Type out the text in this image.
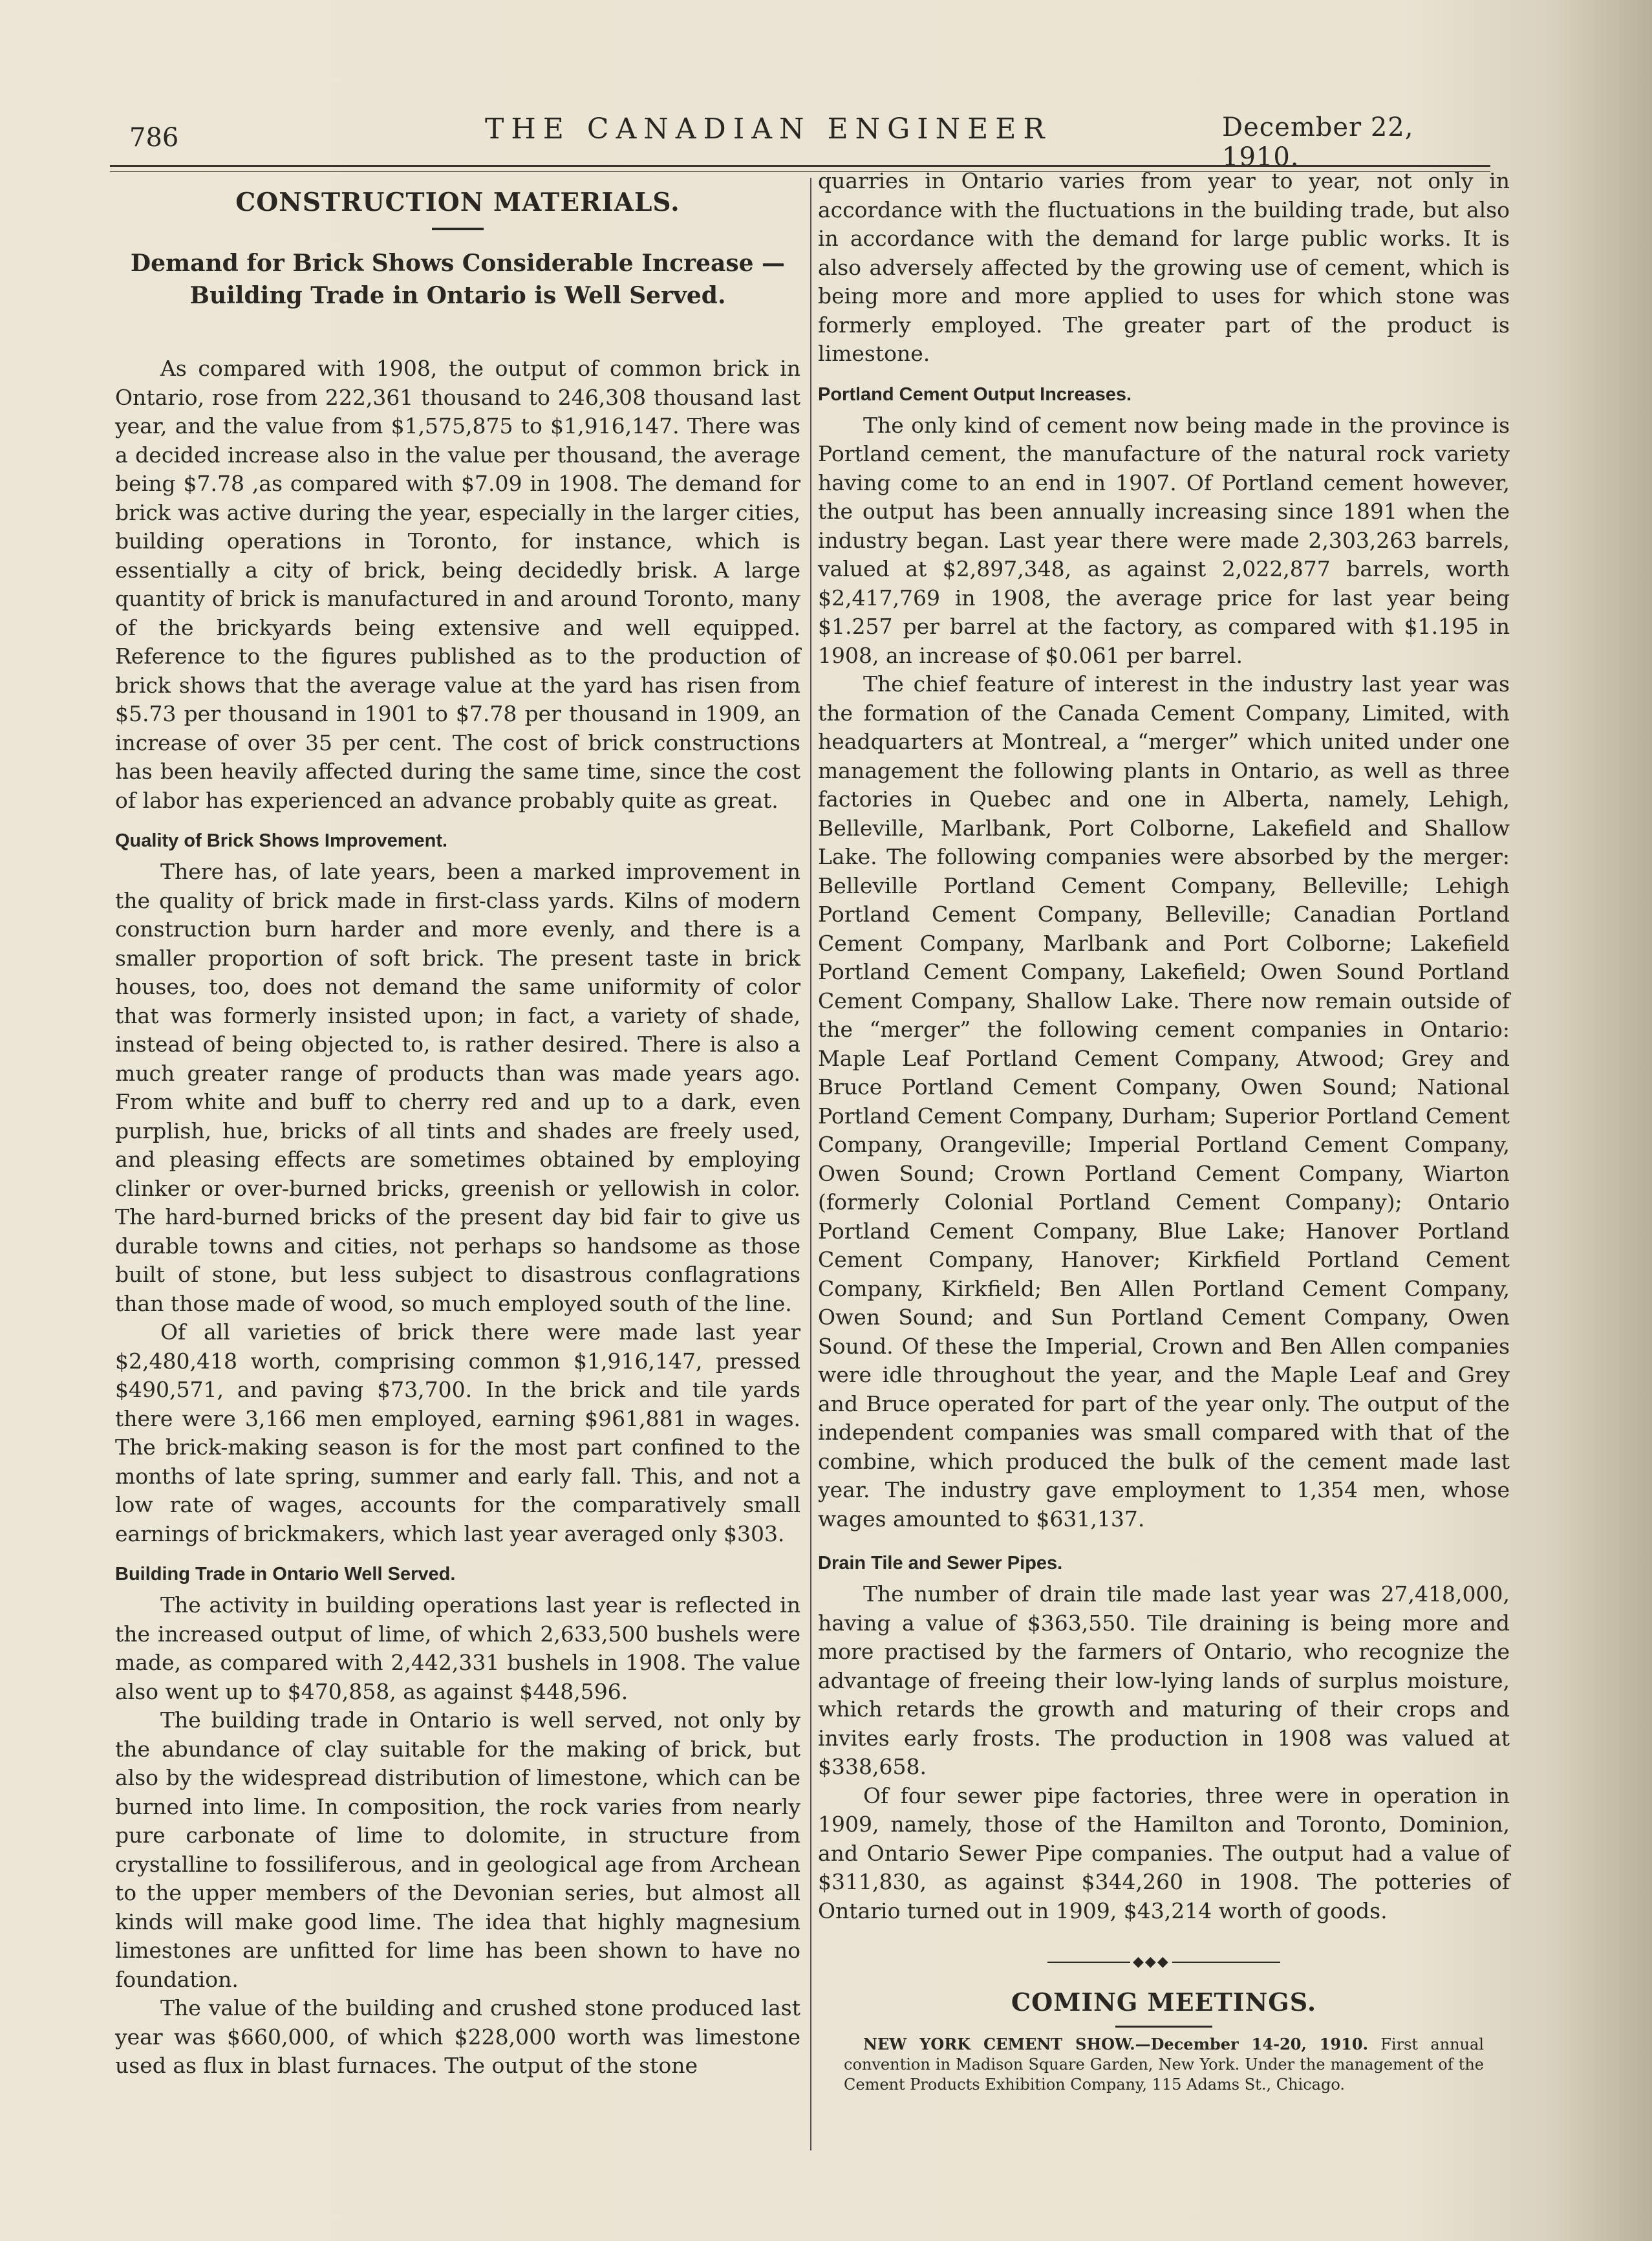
786	THE CANADIAN ENGINEER	December 22, 1910.
CONSTRUCTION MATERIALS.
Demand for Brick Shows Considerable Increase —
Building Trade in Ontario is Well Served.

As compared with 1908, the output of common brick in Ontario, rose from 222,361 thousand to 246,308 thousand last year, and the value from $1,575,875 to $1,916,147. There was a decided increase also in the value per thousand, the average being $7.78 ,as compared with $7.09 in 1908. The demand for brick was active during the year, especially in the larger cities, building operations in Toronto, for instance, which is essentially a city of brick, being decidedly brisk. A large quantity of brick is manufactured in and around Toronto, many of the brickyards being extensive and well equipped. Reference to the figures published as to the production of brick shows that the average value at the yard has risen from $5.73 per thousand in 1901 to $7.78 per thousand in 1909, an increase of over 35 per cent. The cost of brick constructions has been heavily affected during the same time, since the cost of labor has experienced an advance probably quite as great.

Quality of Brick Shows Improvement.

There has, of late years, been a marked improvement in the quality of brick made in first-class yards. Kilns of modern construction burn harder and more evenly, and there is a smaller proportion of soft brick. The present taste in brick houses, too, does not demand the same uniformity of color that was formerly insisted upon; in fact, a variety of shade, instead of being objected to, is rather desired. There is also a much greater range of products than was made years ago. From white and buff to cherry red and up to a dark, even purplish, hue, bricks of all tints and shades are freely used, and pleasing effects are sometimes obtained by employing clinker or over-burned bricks, greenish or yellowish in color. The hard-burned bricks of the present day bid fair to give us durable towns and cities, not perhaps so handsome as those built of stone, but less subject to disastrous conflagrations than those made of wood, so much employed south of the line.

Of all varieties of brick there were made last year $2,480,418 worth, comprising common $1,916,147, pressed $490,571, and paving $73,700. In the brick and tile yards there were 3,166 men employed, earning $961,881 in wages. The brick-making season is for the most part confined to the months of late spring, summer and early fall. This, and not a low rate of wages, accounts for the comparatively small earnings of brickmakers, which last year averaged only $303.

Building Trade in Ontario Well Served.

The activity in building operations last year is reflected in the increased output of lime, of which 2,633,500 bushels were made, as compared with 2,442,331 bushels in 1908. The value also went up to $470,858, as against $448,596.

The building trade in Ontario is well served, not only by the abundance of clay suitable for the making of brick, but also by the widespread distribution of limestone, which can be burned into lime. In composition, the rock varies from nearly pure carbonate of lime to dolomite, in structure from crystalline to fossiliferous, and in geological age from Archean to the upper members of the Devonian series, but almost all kinds will make good lime. The idea that highly magnesium limestones are unfitted for lime has been shown to have no foundation.

The value of the building and crushed stone produced last year was $660,000, of which $228,000 worth was limestone used as flux in blast furnaces. The output of the stone

quarries in Ontario varies from year to year, not only in accordance with the fluctuations in the building trade, but also in accordance with the demand for large public works. It is also adversely affected by the growing use of cement, which is being more and more applied to uses for which stone was formerly employed. The greater part of the product is limestone.

Portland Cement Output Increases.

The only kind of cement now being made in the province is Portland cement, the manufacture of the natural rock variety having come to an end in 1907. Of Portland cement however, the output has been annually increasing since 1891 when the industry began. Last year there were made 2,303,263 barrels, valued at $2,897,348, as against 2,022,877 barrels, worth $2,417,769 in 1908, the average price for last year being $1.257 per barrel at the factory, as compared with $1.195 in 1908, an increase of $0.061 per barrel.

The chief feature of interest in the industry last year was the formation of the Canada Cement Company, Limited, with headquarters at Montreal, a “merger” which united under one management the following plants in Ontario, as well as three factories in Quebec and one in Alberta, namely, Lehigh, Belleville, Marlbank, Port Colborne, Lakefield and Shallow Lake. The following companies were absorbed by the merger: Belleville Portland Cement Company, Belleville; Lehigh Portland Cement Company, Belleville; Canadian Portland Cement Company, Marlbank and Port Colborne; Lakefield Portland Cement Company, Lakefield; Owen Sound Portland Cement Company, Shallow Lake. There now remain outside of the “merger” the following cement companies in Ontario: Maple Leaf Portland Cement Company, Atwood; Grey and Bruce Portland Cement Company, Owen Sound; National Portland Cement Company, Durham; Superior Portland Cement Company, Orangeville; Imperial Portland Cement Company, Owen Sound; Crown Portland Cement Company, Wiarton (formerly Colonial Portland Cement Company); Ontario Portland Cement Company, Blue Lake; Hanover Portland Cement Company, Hanover; Kirkfield Portland Cement Company, Kirkfield; Ben Allen Portland Cement Company, Owen Sound; and Sun Portland Cement Company, Owen Sound. Of these the Imperial, Crown and Ben Allen companies were idle throughout the year, and the Maple Leaf and Grey and Bruce operated for part of the year only. The output of the independent companies was small compared with that of the combine, which produced the bulk of the cement made last year. The industry gave employment to 1,354 men, whose wages amounted to $631,137.

Drain Tile and Sewer Pipes.

The number of drain tile made last year was 27,418,000, having a value of $363,550. Tile draining is being more and more practised by the farmers of Ontario, who recognize the advantage of freeing their low-lying lands of surplus moisture, which retards the growth and maturing of their crops and invites early frosts. The production in 1908 was valued at $338,658.

Of four sewer pipe factories, three were in operation in 1909, namely, those of the Hamilton and Toronto, Dominion, and Ontario Sewer Pipe companies. The output had a value of $311,830, as against $344,260 in 1908. The potteries of Ontario turned out in 1909, $43,214 worth of goods.

◆◆◆
COMING MEETINGS.

NEW YORK CEMENT SHOW.—December 14-20, 1910. First annual convention in Madison Square Garden, New York. Under the management of the Cement Products Exhibition Company, 115 Adams St., Chicago.
